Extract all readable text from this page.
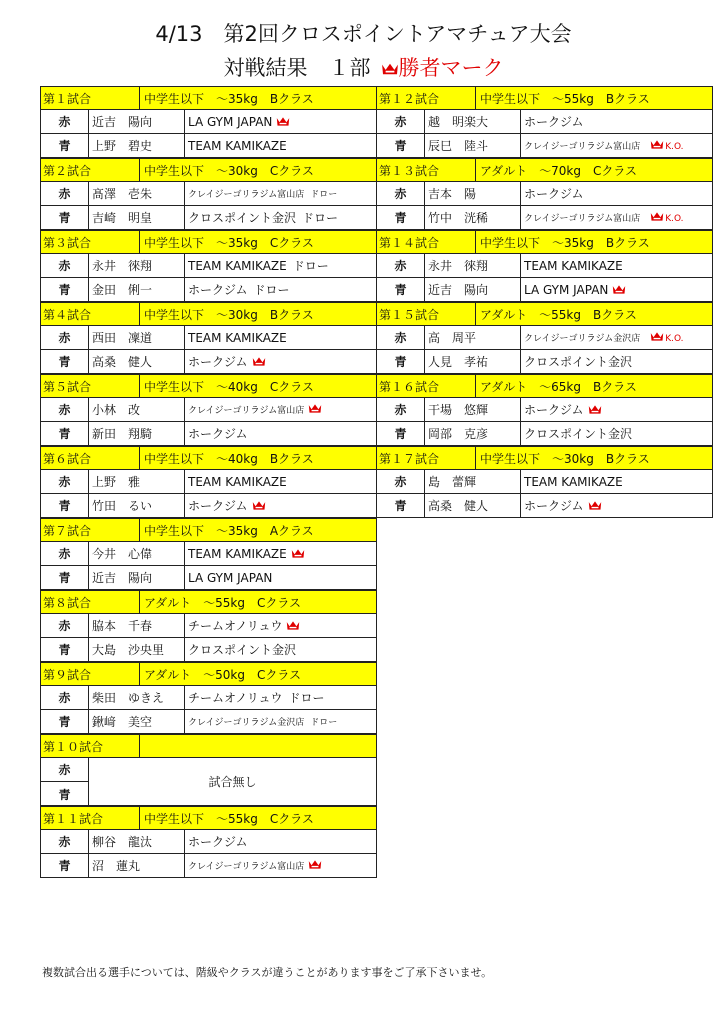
4/13　第2回クロスポイントアマチュア大会
対戦結果　１部 勝者マーク
第１試合	中学生以下　～35kg　Bクラス
赤	近吉　陽向	LA GYM JAPAN
青	上野　碧史	TEAM KAMIKAZE
第２試合	中学生以下　～30kg　Cクラス
赤	髙澤　壱朱	クレイジーゴリラジム富山店 ドロー
青	吉崎　明皇	クロスポイント金沢 ドロー
第３試合	中学生以下　～35kg　Cクラス
赤	永井　徠翔	TEAM KAMIKAZE ドロー
青	金田　俐一	ホークジム ドロー
第４試合	中学生以下　～30kg　Bクラス
赤	西田　凜道	TEAM KAMIKAZE
青	高桑　健人	ホークジム
第５試合	中学生以下　～40kg　Cクラス
赤	小林　改	クレイジーゴリラジム富山店
青	新田　翔騎	ホークジム
第６試合	中学生以下　～40kg　Bクラス
赤	上野　雅	TEAM KAMIKAZE
青	竹田　るい	ホークジム
第７試合	中学生以下　～35kg　Aクラス
赤	今井　心偉	TEAM KAMIKAZE
青	近吉　陽向	LA GYM JAPAN
第８試合	アダルト　～55kg　Cクラス
赤	脇本　千春	チームオノリュウ
青	大島　沙央里	クロスポイント金沢
第９試合	アダルト　～50kg　Cクラス
赤	柴田　ゆきえ	チームオノリュウ ドロー
青	鍬﨑　美空	クレイジーゴリラジム金沢店 ドロー
第１０試合
赤
青
試合無し
第１１試合	中学生以下　～55kg　Cクラス
赤	柳谷　龍汰	ホークジム
青	沼　蓮丸	クレイジーゴリラジム富山店
第１２試合	中学生以下　～55kg　Bクラス
赤	越　明楽大	ホークジム
青	辰巳　陸斗	クレイジーゴリラジム富山店	K.O.
第１３試合	アダルト　～70kg　Cクラス
赤	吉本　陽	ホークジム
青	竹中　洸稀	クレイジーゴリラジム富山店	K.O.
第１４試合	中学生以下　～35kg　Bクラス
赤	永井　徠翔	TEAM KAMIKAZE
青	近吉　陽向	LA GYM JAPAN
第１５試合	アダルト　～55kg　Bクラス
赤	高　周平	クレイジーゴリラジム金沢店	K.O.
青	人見　孝祐	クロスポイント金沢
第１６試合	アダルト　～65kg　Bクラス
赤	干場　悠輝	ホークジム
青	岡部　克彦	クロスポイント金沢
第１７試合	中学生以下　～30kg　Bクラス
赤	島　蕾輝	TEAM KAMIKAZE
青	高桑　健人	ホークジム
複数試合出る選手については、階級やクラスが違うことがあります事をご了承下さいませ。
